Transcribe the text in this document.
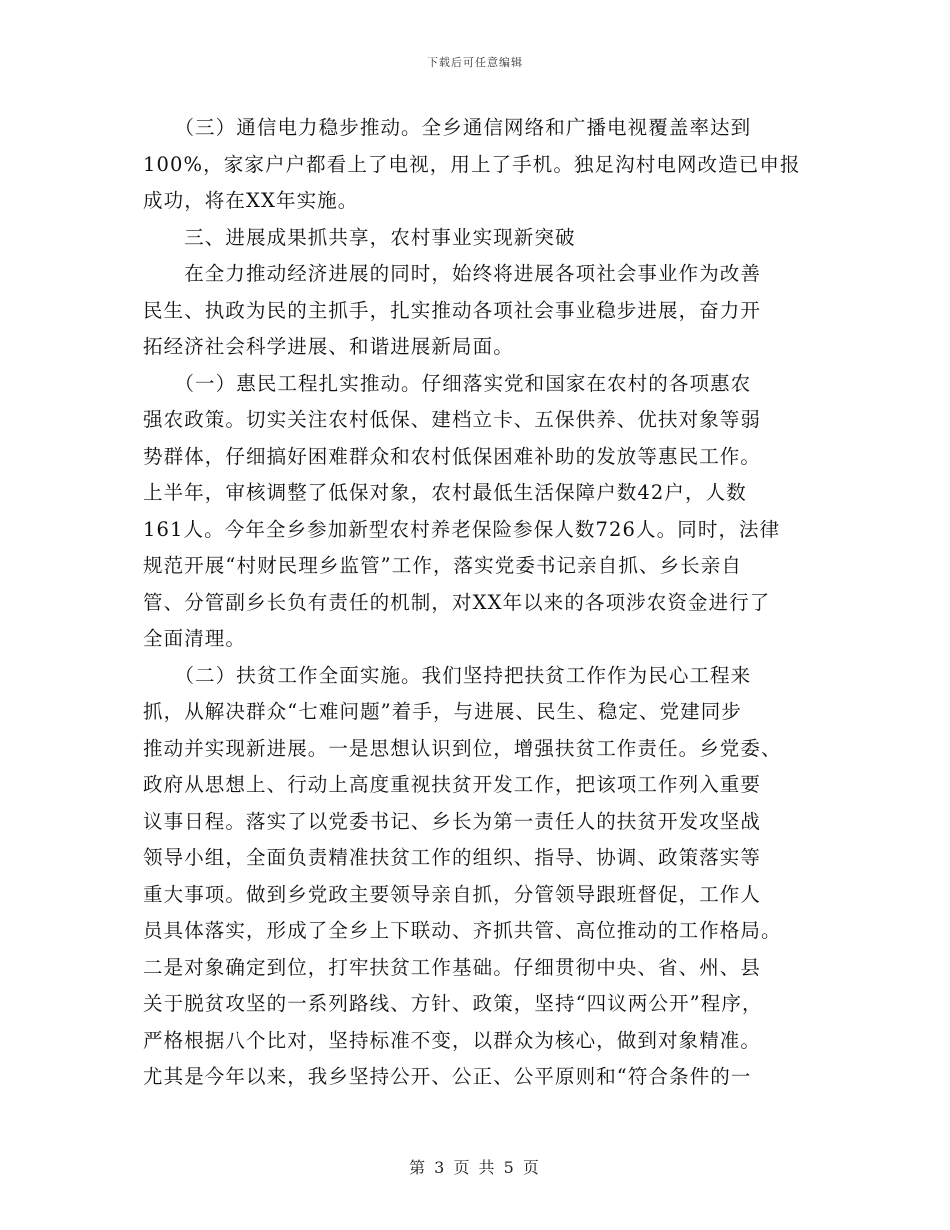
下载后可任意编辑
　　（三）通信电力稳步推动。全乡通信网络和广播电视覆盖率达到
100%，家家户户都看上了电视，用上了手机。独足沟村电网改造已申报
成功，将在XX年实施。
　　三、进展成果抓共享，农村事业实现新突破
　　在全力推动经济进展的同时，始终将进展各项社会事业作为改善
民生、执政为民的主抓手，扎实推动各项社会事业稳步进展，奋力开
拓经济社会科学进展、和谐进展新局面。
　　（一）惠民工程扎实推动。仔细落实党和国家在农村的各项惠农
强农政策。切实关注农村低保、建档立卡、五保供养、优扶对象等弱
势群体，仔细搞好困难群众和农村低保困难补助的发放等惠民工作。
上半年，审核调整了低保对象，农村最低生活保障户数42户，人数
161人。今年全乡参加新型农村养老保险参保人数726人。同时，法律
规范开展“村财民理乡监管”工作，落实党委书记亲自抓、乡长亲自
管、分管副乡长负有责任的机制，对XX年以来的各项涉农资金进行了
全面清理。
　　（二）扶贫工作全面实施。我们坚持把扶贫工作作为民心工程来
抓，从解决群众“七难问题”着手，与进展、民生、稳定、党建同步
推动并实现新进展。一是思想认识到位，增强扶贫工作责任。乡党委、
政府从思想上、行动上高度重视扶贫开发工作，把该项工作列入重要
议事日程。落实了以党委书记、乡长为第一责任人的扶贫开发攻坚战
领导小组，全面负责精准扶贫工作的组织、指导、协调、政策落实等
重大事项。做到乡党政主要领导亲自抓，分管领导跟班督促，工作人
员具体落实，形成了全乡上下联动、齐抓共管、高位推动的工作格局。
二是对象确定到位，打牢扶贫工作基础。仔细贯彻中央、省、州、县
关于脱贫攻坚的一系列路线、方针、政策，坚持“四议两公开”程序，
严格根据八个比对，坚持标准不变，以群众为核心，做到对象精准。
尤其是今年以来，我乡坚持公开、公正、公平原则和“符合条件的一
第 3 页 共 5 页
